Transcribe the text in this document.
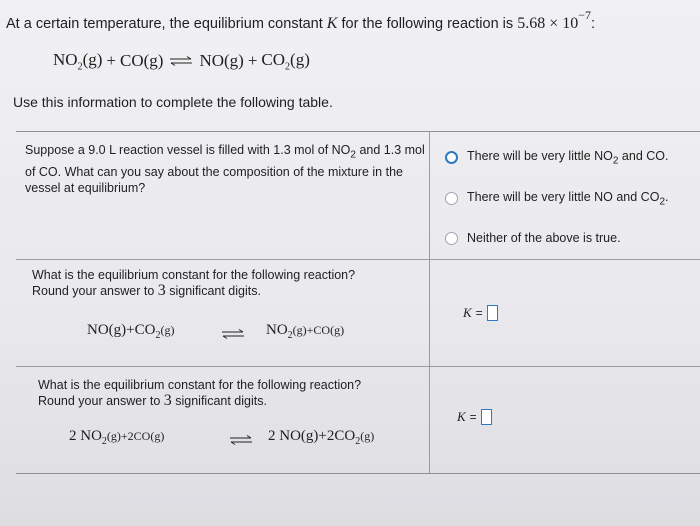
At a certain temperature, the equilibrium constant K for the following reaction is $5.68 \times 10^{-7}$:
$NO_2(g) + CO(g)$ ⇌ $NO(g) + CO_2(g)$
Use this information to complete the following table.
Suppose a 9.0 L reaction vessel is filled with 1.3 mol of $NO_2$ and 1.3 mol of CO. What can you say about the composition of the mixture in the vessel at equilibrium?
There will be very little $NO_2$ and CO.
There will be very little NO and $CO_2$.
Neither of the above is true.
What is the equilibrium constant for the following reaction?
Round your answer to 3 significant digits.
$NO(g)+CO_2(g)$	⇌ $NO_2(g)+CO(g)$
K =
What is the equilibrium constant for the following reaction?
Round your answer to 3 significant digits.
2 $NO_2(g)+2CO(g)$	⇌ 2 $NO(g)+2CO_2(g)$
K =
